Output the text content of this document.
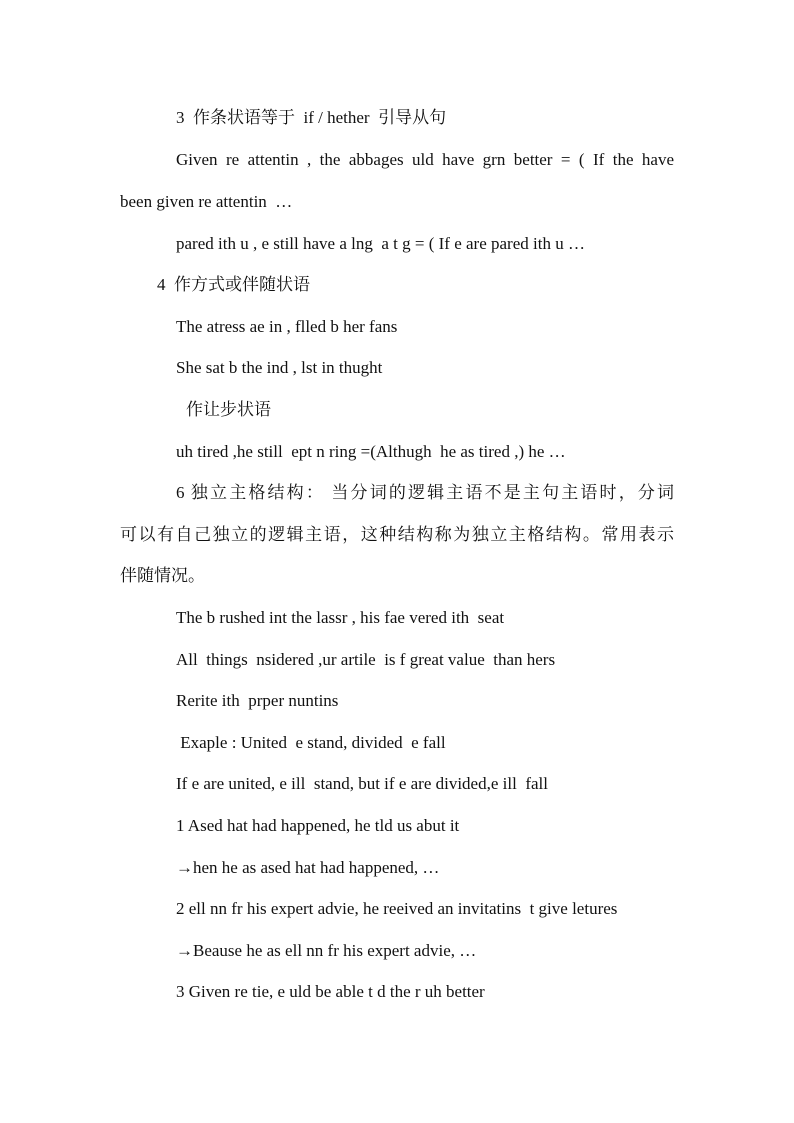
3  作条状语等于  if / hether  引导从句
Given re attentin , the abbages uld have grn better = ( If the have
been given re attentin  …
pared ith u , e still have a lng  a t g = ( If e are pared ith u …
4  作方式或伴随状语
The atress ae in , flled b her fans
She sat b the ind , lst in thught
作让步状语
uh tired ,he still  ept n ring =(Althugh  he as tired ,) he …
6 独立主格结构： 当分词的逻辑主语不是主句主语时，分词
可以有自己独立的逻辑主语，这种结构称为独立主格结构。常用表示
伴随情况。
The b rushed int the lassr , his fae vered ith  seat
All  things  nsidered ,ur artile  is f great value  than hers
Rerite ith  prper nuntins
Exaple : United  e stand, divided  e fall
If e are united, e ill  stand, but if e are divided,e ill  fall
1 Ased hat had happened, he tld us abut it
→hen he as ased hat had happened, …
2 ell nn fr his expert advie, he reeived an invitatins  t give letures
→Beause he as ell nn fr his expert advie, …
3 Given re tie, e uld be able t d the r uh better
